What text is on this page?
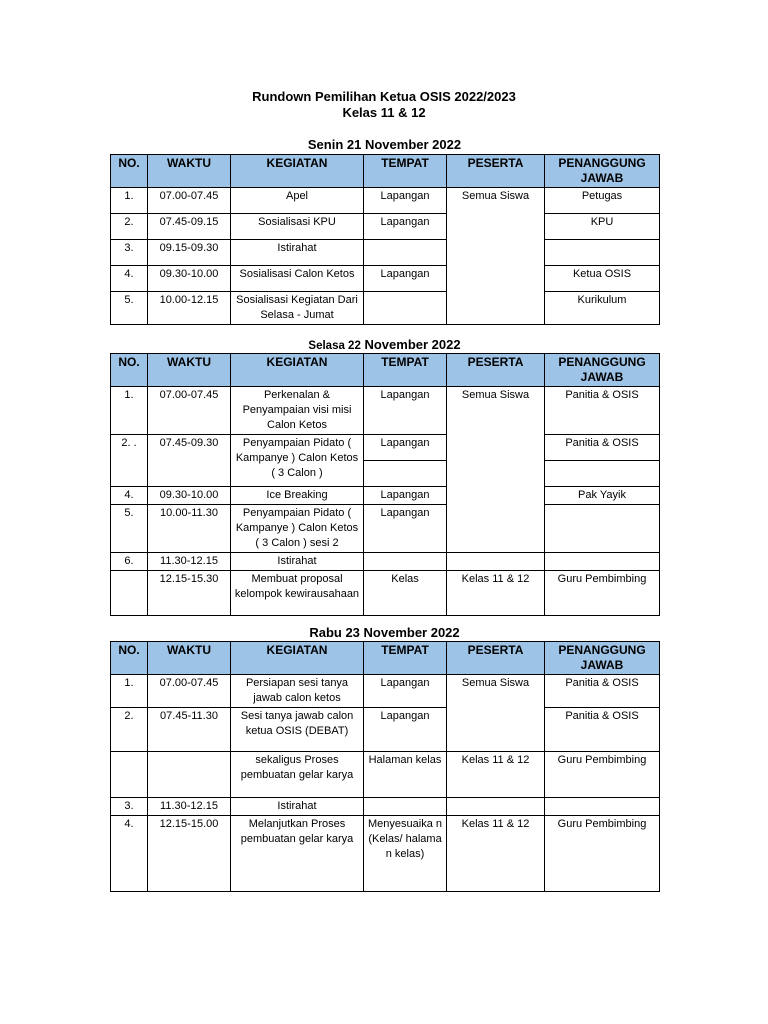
Rundown Pemilihan Ketua OSIS 2022/2023
Kelas 11 & 12
Senin 21 November 2022
NO.	WAKTU	KEGIATAN	TEMPAT	PESERTA	PENANGGUNG JAWAB
1.	07.00-07.45	Apel	Lapangan	Semua Siswa	Petugas
2.	07.45-09.15	Sosialisasi KPU	Lapangan		KPU
3.	09.15-09.30	Istirahat			
4.	09.30-10.00	Sosialisasi Calon Ketos	Lapangan		Ketua OSIS
5.	10.00-12.15	Sosialisasi Kegiatan Dari Selasa - Jumat			Kurikulum
Selasa 22 November 2022
NO.	WAKTU	KEGIATAN	TEMPAT	PESERTA	PENANGGUNG JAWAB
1.	07.00-07.45	Perkenalan & Penyampaian visi misi Calon Ketos	Lapangan	Semua Siswa	Panitia & OSIS
2. .	07.45-09.30	Penyampaian Pidato ( Kampanye ) Calon Ketos ( 3 Calon )	Lapangan		Panitia & OSIS

4.	09.30-10.00	Ice Breaking	Lapangan		Pak Yayik
5.	10.00-11.30	Penyampaian Pidato ( Kampanye ) Calon Ketos ( 3 Calon ) sesi 2	Lapangan		
6.	11.30-12.15	Istirahat			
	12.15-15.30	Membuat proposal kelompok kewirausahaan	Kelas	Kelas 11 & 12	Guru Pembimbing
Rabu 23 November 2022
NO.	WAKTU	KEGIATAN	TEMPAT	PESERTA	PENANGGUNG JAWAB
1.	07.00-07.45	Persiapan sesi tanya jawab calon ketos	Lapangan	Semua Siswa	Panitia & OSIS
2.	07.45-11.30	Sesi tanya jawab calon ketua OSIS (DEBAT)	Lapangan		Panitia & OSIS
		sekaligus Proses pembuatan gelar karya	Halaman kelas	Kelas 11 & 12	Guru Pembimbing
3.	11.30-12.15	Istirahat			
4.	12.15-15.00	Melanjutkan Proses pembuatan gelar karya	Menyesuaika n (Kelas/ halaman kelas)	Kelas 11 & 12	Guru Pembimbing
